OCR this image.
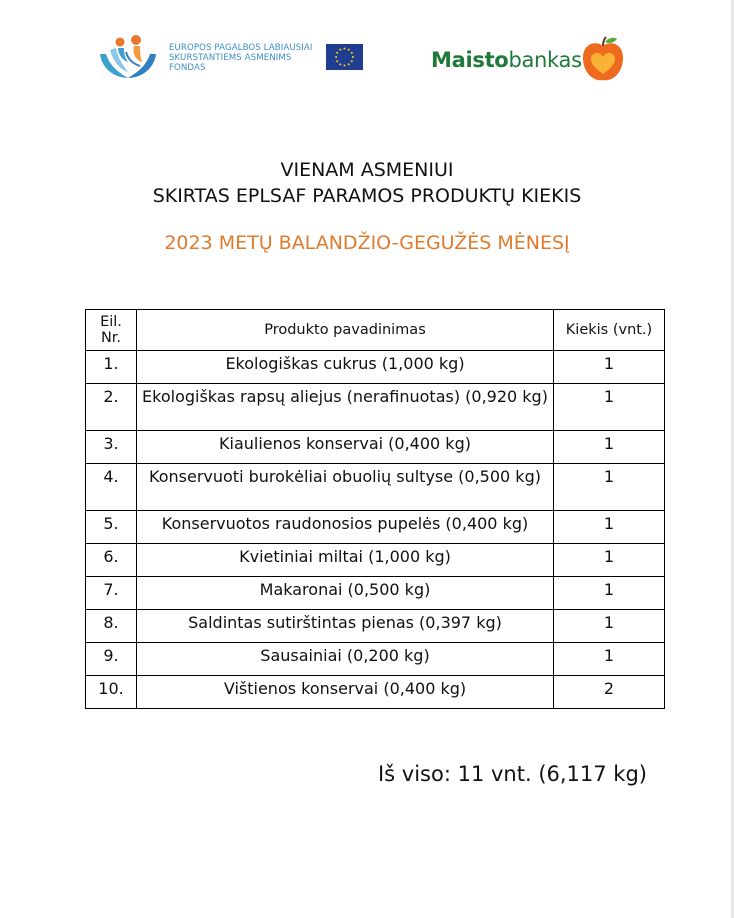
EUROPOS PAGALBOS LABIAUSIAI
SKURSTANTIEMS ASMENIMS
FONDAS	Maistobankas
VIENAM ASMENIUI
SKIRTAS EPLSAF PARAMOS PRODUKTŲ KIEKIS
2023 METŲ BALANDŽIO-GEGUŽĖS MĖNESĮ
Eil.
Nr.	Produkto pavadinimas	Kiekis (vnt.)
1.	Ekologiškas cukrus (1,000 kg)	1
2.	Ekologiškas rapsų aliejus (nerafinuotas) (0,920 kg)	1
3.	Kiaulienos konservai (0,400 kg)	1
4.	Konservuoti burokėliai obuolių sultyse (0,500 kg)	1
5.	Konservuotos raudonosios pupelės (0,400 kg)	1
6.	Kvietiniai miltai (1,000 kg)	1
7.	Makaronai (0,500 kg)	1
8.	Saldintas sutirštintas pienas (0,397 kg)	1
9.	Sausainiai (0,200 kg)	1
10.	Vištienos konservai (0,400 kg)	2
Iš viso: 11 vnt. (6,117 kg)
